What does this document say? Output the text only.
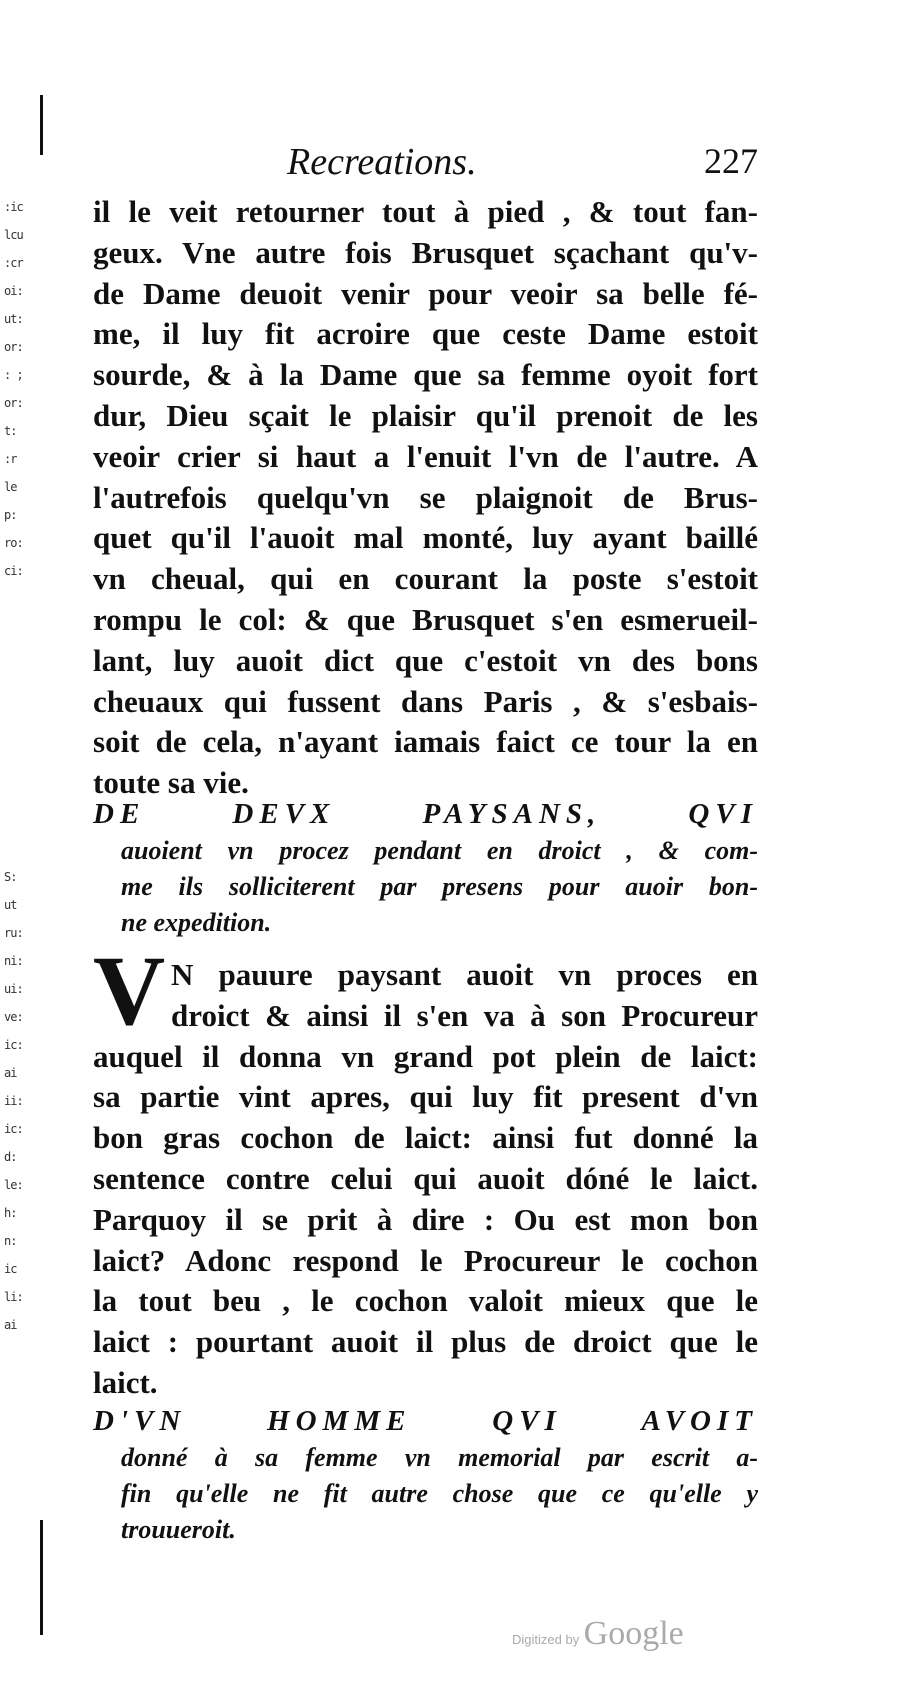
:ic

lcu

:cr

oi:

ut:

or:

: ;

or:

t:

:r

le

p:

ro:

ci:
S:

ut

ru:

ni:

ui:

ve:

ic:

ai

ii:

ic:

d:

le:

h:

n:

ic

li:

ai
Recreations.	227
il le veit retourner tout à pied , & tout fan-
geux. Vne autre fois Brusquet sçachant qu'v-
de Dame deuoit venir pour veoir sa belle fé-
me, il luy fit acroire que ceste Dame estoit
sourde, & à la Dame que sa femme oyoit fort
dur, Dieu sçait le plaisir qu'il prenoit de les
veoir crier si haut a l'enuit l'vn de l'autre. A
l'autrefois quelqu'vn se plaignoit de Brus-
quet qu'il l'auoit mal monté, luy ayant baillé
vn cheual, qui en courant la poste s'estoit
rompu le col: & que Brusquet s'en esmerueil-
lant, luy auoit dict que c'estoit vn des bons
cheuaux qui fussent dans Paris , & s'esbais-
soit de cela, n'ayant iamais faict ce tour la en
toute sa vie.
DE DEVX PAYSANS, QVI
auoient vn procez pendant en droict , & com-
me ils solliciterent par presens pour auoir bon-
ne expedition.
V N pauure paysant auoit vn proces en
droict & ainsi il s'en va à son Procureur
auquel il donna vn grand pot plein de laict:
sa partie vint apres, qui luy fit present d'vn
bon gras cochon de laict: ainsi fut donné la
sentence contre celui qui auoit dóné le laict.
Parquoy il se prit à dire : Ou est mon bon
laict? Adonc respond le Procureur le cochon
la tout beu , le cochon valoit mieux que le
laict : pourtant auoit il plus de droict que le
laict.
D'VN HOMME QVI AVOIT
donné à sa femme vn memorial par escrit a-
fin qu'elle ne fit autre chose que ce qu'elle y
trouueroit.
Digitized by Google
